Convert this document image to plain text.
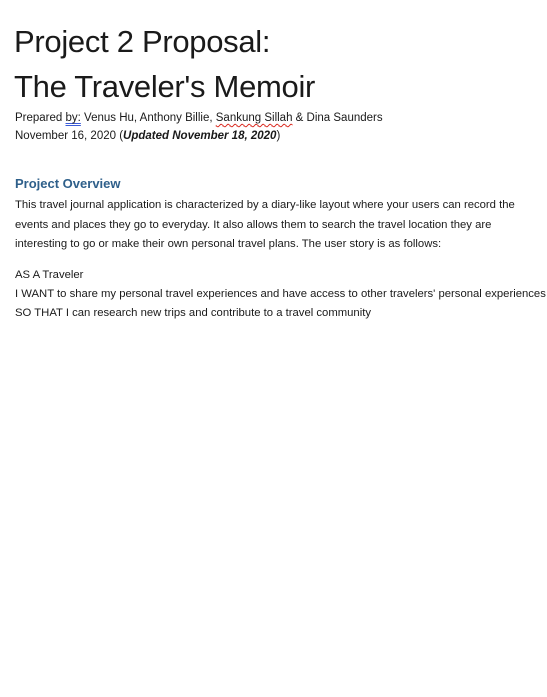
Project 2 Proposal:
The Traveler's Memoir
Prepared by: Venus Hu, Anthony Billie, Sankung Sillah & Dina Saunders
November 16, 2020 (Updated November 18, 2020)
Project Overview

This travel journal application is characterized by a diary-like layout where your users can record the events and places they go to everyday. It also allows them to search the travel location they are interesting to go or make their own personal travel plans. The user story is as follows:

AS A Traveler
I WANT to share my personal travel experiences and have access to other travelers' personal experiences
SO THAT I can research new trips and contribute to a travel community
